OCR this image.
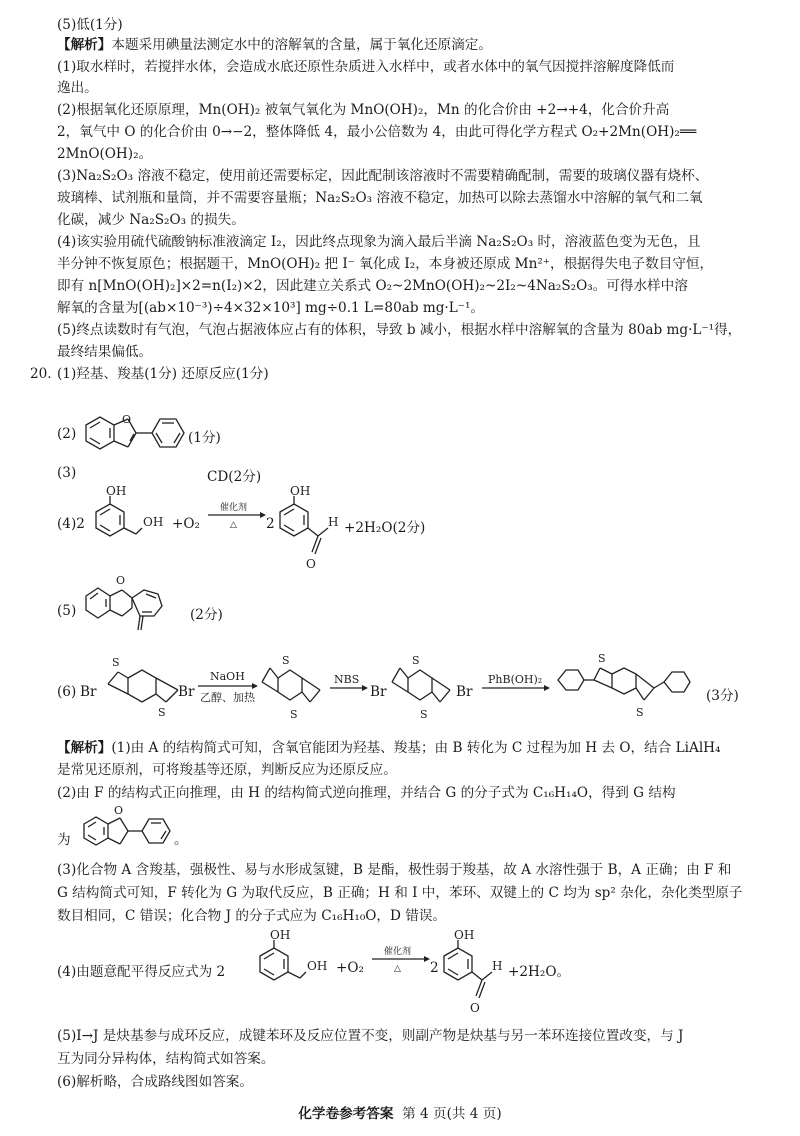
(5)低(1分)
【解析】本题采用碘量法测定水中的溶解氧的含量，属于氧化还原滴定。
(1)取水样时，若搅拌水体，会造成水底还原性杂质进入水样中，或者水体中的氧气因搅拌溶解度降低而
逸出。
(2)根据氧化还原原理，Mn(OH)₂ 被氧气氧化为 MnO(OH)₂，Mn 的化合价由 +2→+4，化合价升高
2，氧气中 O 的化合价由 0→−2，整体降低 4，最小公倍数为 4，由此可得化学方程式 O₂+2Mn(OH)₂══
2MnO(OH)₂。
(3)Na₂S₂O₃ 溶液不稳定，使用前还需要标定，因此配制该溶液时不需要精确配制，需要的玻璃仪器有烧杯、
玻璃棒、试剂瓶和量筒，并不需要容量瓶；Na₂S₂O₃ 溶液不稳定，加热可以除去蒸馏水中溶解的氧气和二氧
化碳，减少 Na₂S₂O₃ 的损失。
(4)该实验用硫代硫酸钠标准液滴定 I₂，因此终点现象为滴入最后半滴 Na₂S₂O₃ 时，溶液蓝色变为无色，且
半分钟不恢复原色；根据题干，MnO(OH)₂ 把 I⁻ 氧化成 I₂，本身被还原成 Mn²⁺，根据得失电子数目守恒，
即有 n[MnO(OH)₂]×2=n(I₂)×2，因此建立关系式 O₂~2MnO(OH)₂~2I₂~4Na₂S₂O₃。可得水样中溶
解氧的含量为[(ab×10⁻³)÷4×32×10³] mg÷0.1 L=80ab mg·L⁻¹。
(5)终点读数时有气泡，气泡占据液体应占有的体积，导致 b 减小，根据水样中溶解氧的含量为 80ab mg·L⁻¹得，
最终结果偏低。
20. (1)羟基、羧基(1分) 还原反应(1分)
(2)
O
(1分)
(3)	CD(2分)
(4)2
OH
OH +O₂
催化剂
△ 2
OH
H
O
+2H₂O(2分)
(5)
O
(2分)
(6) Br
S
S
Br
NaOH
乙醇、加热
S
S
NBS
Br
S
S
Br
PhB(OH)₂
S
S
(3分)
【解析】(1)由 A 的结构简式可知，含氧官能团为羟基、羧基；由 B 转化为 C 过程为加 H 去 O，结合 LiAlH₄
是常见还原剂，可将羧基等还原，判断反应为还原反应。
(2)由 F 的结构式正向推理，由 H 的结构简式逆向推理，并结合 G 的分子式为 C₁₆H₁₄O，得到 G 结构
为
O
。
(3)化合物 A 含羧基，强极性、易与水形成氢键，B 是酯，极性弱于羧基，故 A 水溶性强于 B，A 正确；由 F 和
G 结构简式可知，F 转化为 G 为取代反应，B 正确；H 和 I 中，苯环、双键上的 C 均为 sp² 杂化，杂化类型原子
数目相同，C 错误；化合物 J 的分子式应为 C₁₆H₁₀O，D 错误。
(4)由题意配平得反应式为 2
OH
OH +O₂
催化剂
△ 2
OH
H
O
+2H₂O。
(5)I→J 是炔基参与成环反应，成键苯环及反应位置不变，则副产物是炔基与另一苯环连接位置改变，与 J
互为同分异构体，结构简式如答案。
(6)解析略，合成路线图如答案。
化学卷参考答案 第 4 页(共 4 页)
